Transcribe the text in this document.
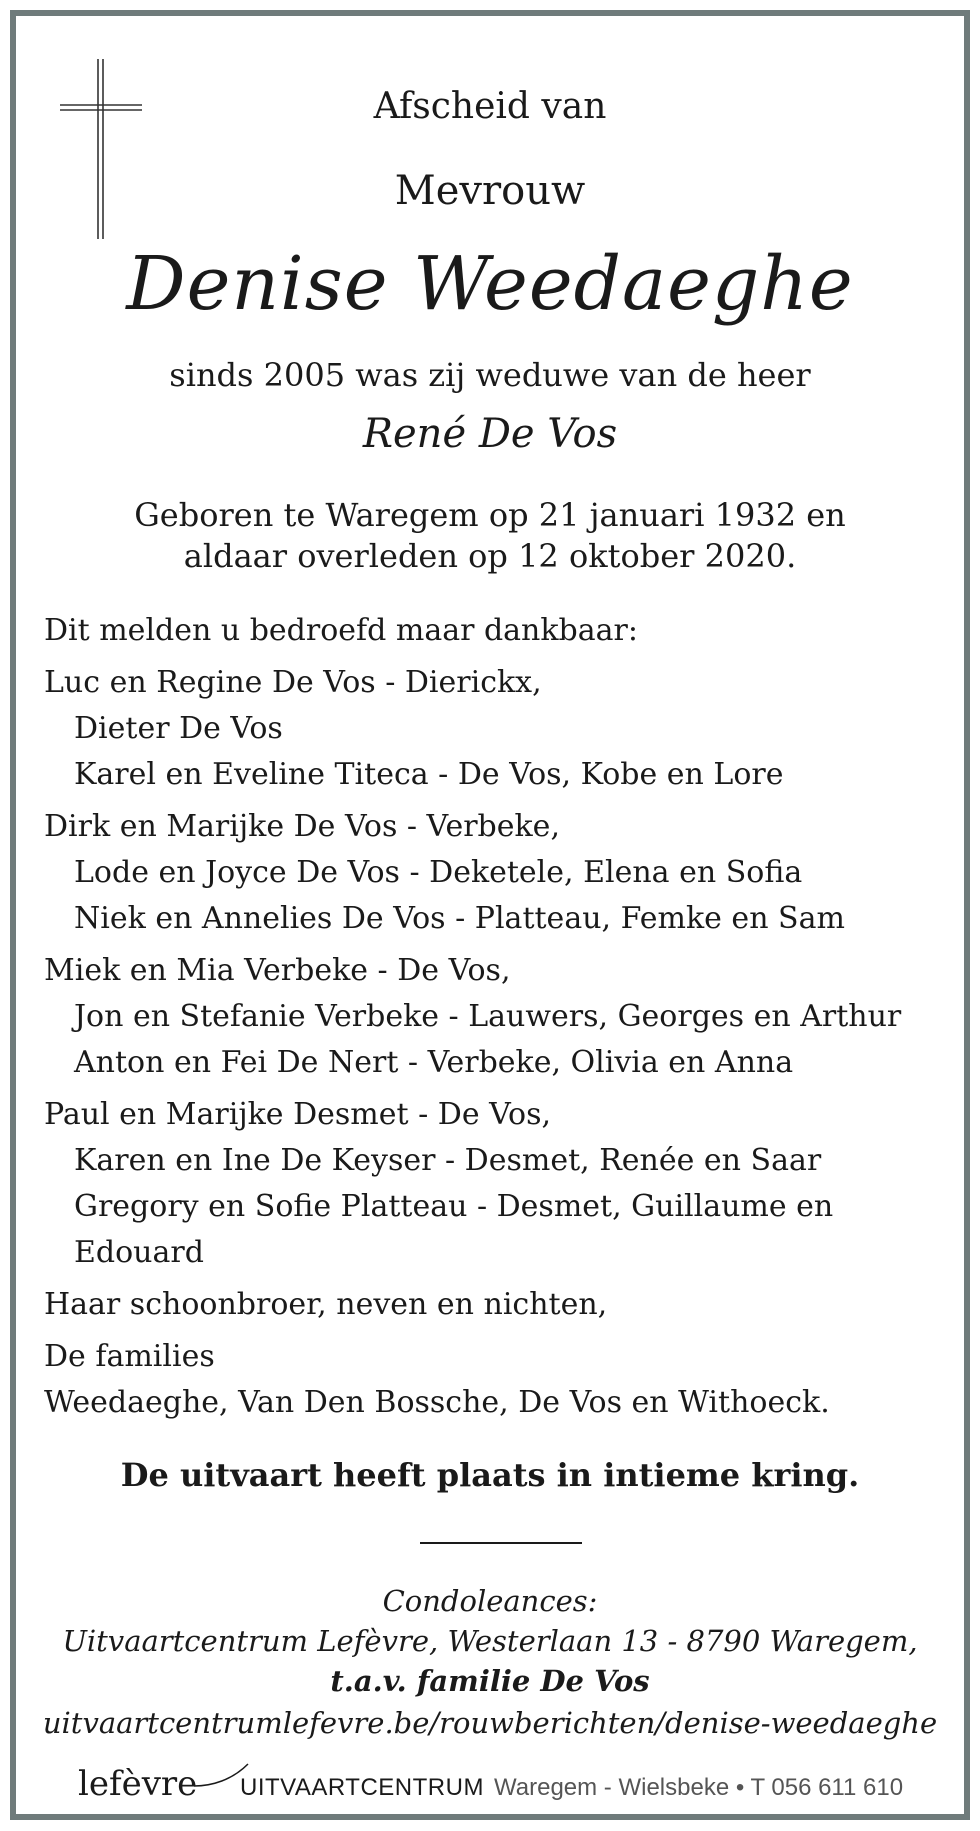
Afscheid van
Mevrouw
Denise Weedaeghe
sinds 2005 was zij weduwe van de heer
René De Vos
Geboren te Waregem op 21 januari 1932 en
aldaar overleden op 12 oktober 2020.
Dit melden u bedroefd maar dankbaar:
Luc en Regine De Vos - Dierickx,
Dieter De Vos
Karel en Eveline Titeca - De Vos, Kobe en Lore
Dirk en Marijke De Vos - Verbeke,
Lode en Joyce De Vos - Deketele, Elena en Sofia
Niek en Annelies De Vos - Platteau, Femke en Sam
Miek en Mia Verbeke - De Vos,
Jon en Stefanie Verbeke - Lauwers, Georges en Arthur
Anton en Fei De Nert - Verbeke, Olivia en Anna
Paul en Marijke Desmet - De Vos,
Karen en Ine De Keyser - Desmet, Renée en Saar
Gregory en Sofie Platteau - Desmet, Guillaume en Edouard
Haar schoonbroer, neven en nichten,
De families
Weedaeghe, Van Den Bossche, De Vos en Withoeck.
De uitvaart heeft plaats in intieme kring.
Condoleances:
Uitvaartcentrum Lefèvre, Westerlaan 13 - 8790 Waregem,
t.a.v. familie De Vos
uitvaartcentrumlefevre.be/rouwberichten/denise-weedaeghe
lefèvre UITVAARTCENTRUM Waregem - Wielsbeke • T 056 611 610
